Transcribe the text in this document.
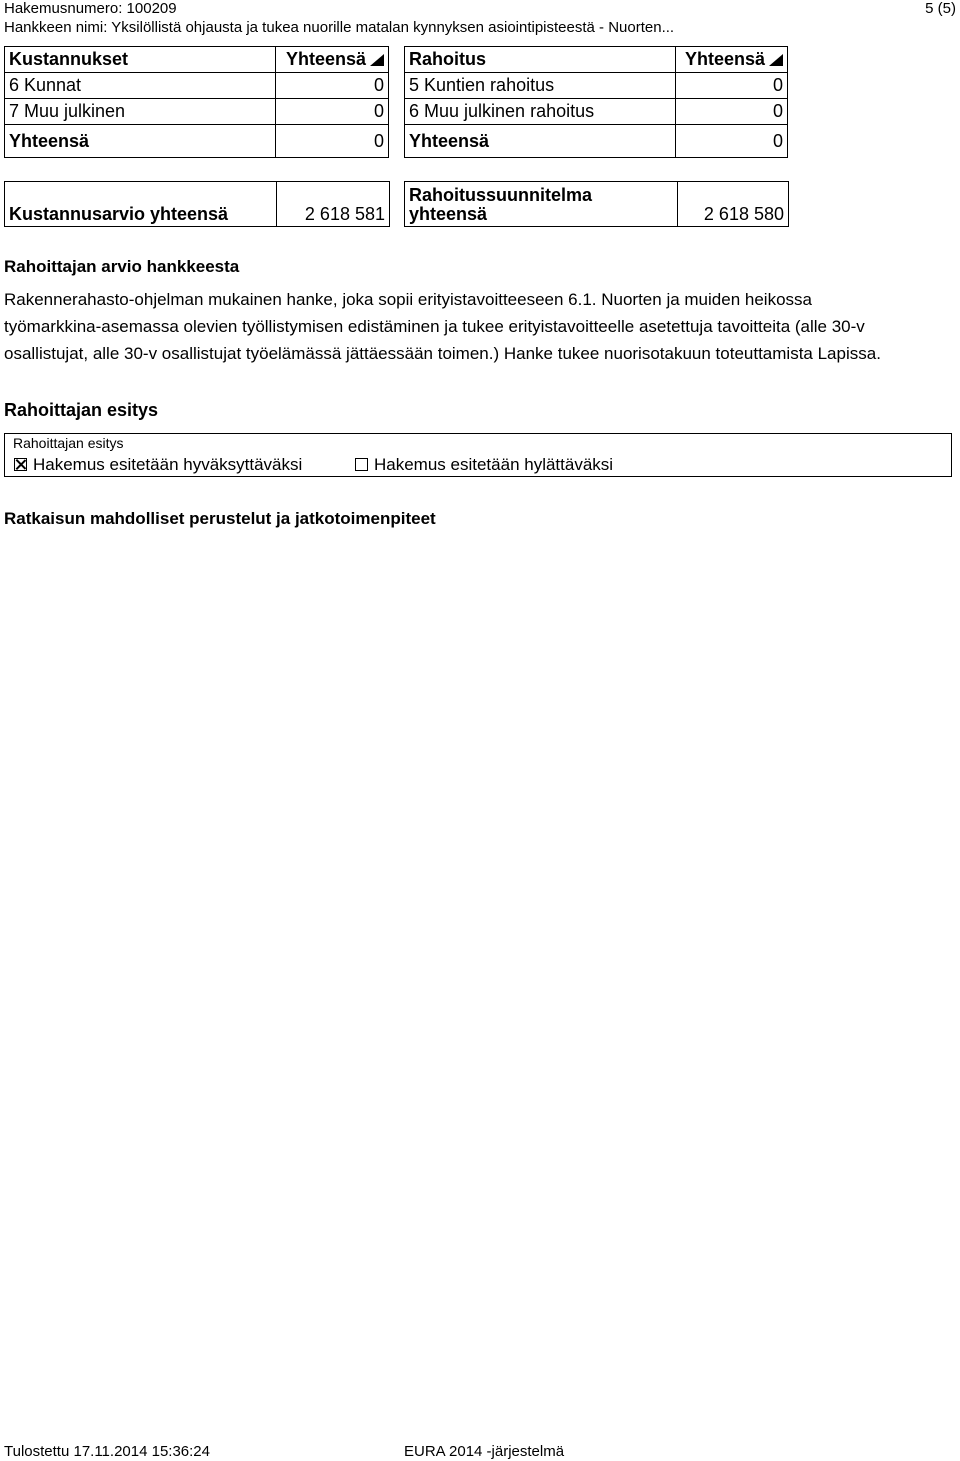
Hakemusnumero: 100209	5 (5)
Hankkeen nimi: Yksilöllistä ohjausta ja tukea nuorille matalan kynnyksen asiointipisteestä - Nuorten...
Kustannukset	Yhteensä
6 Kunnat	0
7 Muu julkinen	0
Yhteensä	0
Rahoitus	Yhteensä
5 Kuntien rahoitus	0
6 Muu julkinen rahoitus	0
Yhteensä	0
Kustannusarvio yhteensä	2 618 581
Rahoitussuunnitelma
yhteensä	2 618 580
Rahoittajan arvio hankkeesta
Rakennerahasto-ohjelman mukainen hanke, joka sopii erityistavoitteeseen 6.1. Nuorten ja muiden heikossa
työmarkkina-asemassa olevien työllistymisen edistäminen ja tukee erityistavoitteelle asetettuja tavoitteita (alle 30-v
osallistujat, alle 30-v osallistujat työelämässä jättäessään toimen.) Hanke tukee nuorisotakuun toteuttamista Lapissa.
Rahoittajan esitys
Rahoittajan esitys
Hakemus esitetään hyväksyttäväksi	Hakemus esitetään hylättäväksi
Ratkaisun mahdolliset perustelut ja jatkotoimenpiteet
Tulostettu 17.11.2014 15:36:24	EURA 2014 -järjestelmä
